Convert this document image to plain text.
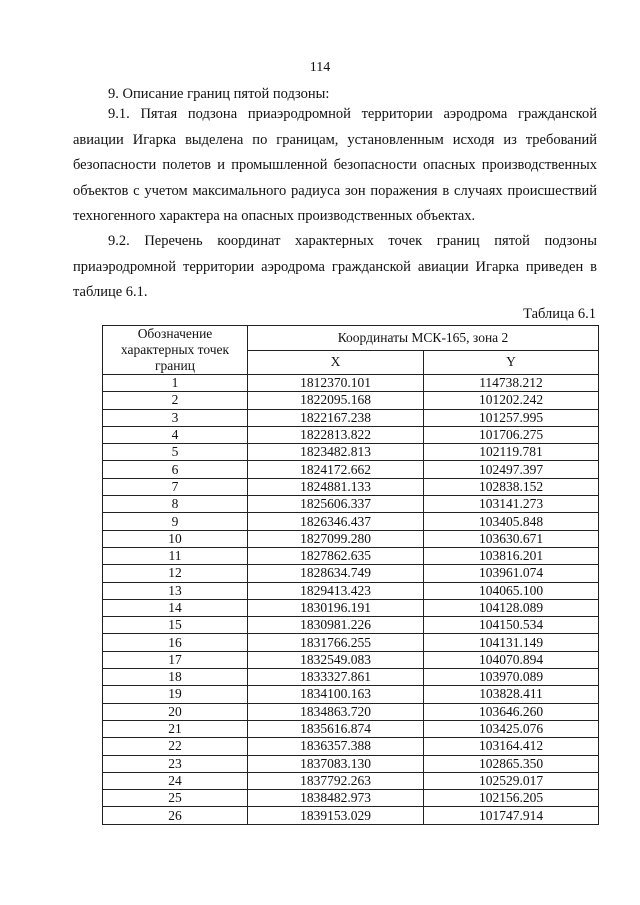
114
9. Описание границ пятой подзоны:

9.1. Пятая подзона приаэродромной территории аэродрома гражданской авиации Игарка выделена по границам, установленным исходя из требований безопасности полетов и промышленной безопасности опасных производственных объектов с учетом максимального радиуса зон поражения в случаях происшествий техногенного характера на опасных производственных объектах.

9.2. Перечень координат характерных точек границ пятой подзоны приаэродромной территории аэродрома гражданской авиации Игарка приведен в таблице 6.1.

Таблица 6.1
Обозначение характерных точек границ	Координаты МСК-165, зона 2	
	X	Y
1	1812370.101	114738.212
2	1822095.168	101202.242
3	1822167.238	101257.995
4	1822813.822	101706.275
5	1823482.813	102119.781
6	1824172.662	102497.397
7	1824881.133	102838.152
8	1825606.337	103141.273
9	1826346.437	103405.848
10	1827099.280	103630.671
11	1827862.635	103816.201
12	1828634.749	103961.074
13	1829413.423	104065.100
14	1830196.191	104128.089
15	1830981.226	104150.534
16	1831766.255	104131.149
17	1832549.083	104070.894
18	1833327.861	103970.089
19	1834100.163	103828.411
20	1834863.720	103646.260
21	1835616.874	103425.076
22	1836357.388	103164.412
23	1837083.130	102865.350
24	1837792.263	102529.017
25	1838482.973	102156.205
26	1839153.029	101747.914
